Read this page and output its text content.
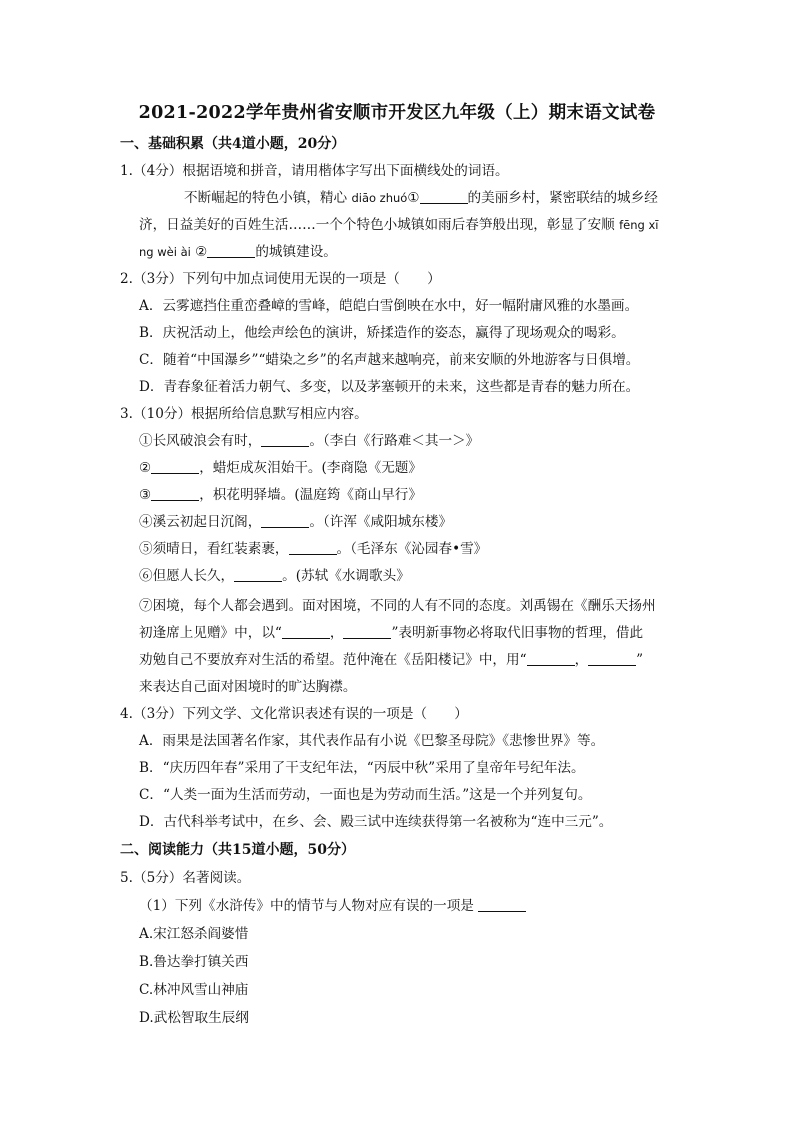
2021-2022学年贵州省安顺市开发区九年级（上）期末语文试卷
一、基础积累（共4道小题，20分）
1.（4分）根据语境和拼音，请用楷体字写出下面横线处的词语。
不断崛起的特色小镇，精心 diāo zhuó①	的美丽乡村，紧密联结的城乡经
济，日益美好的百姓生活……一个个特色小城镇如雨后春笋般出现，彰显了安顺 fēng xī
ng wèi ài ②	的城镇建设。
2.（3分）下列句中加点词使用无误的一项是（　　）
A．云雾遮挡住重峦叠嶂的雪峰，皑皑白雪倒映在水中，好一幅附庸风雅的水墨画。
B．庆祝活动上，他绘声绘色的演讲，矫揉造作的姿态，赢得了现场观众的喝彩。
C．随着“中国瀑乡”“蜡染之乡”的名声越来越响亮，前来安顺的外地游客与日俱增。
D．青春象征着活力朝气、多变，以及茅塞顿开的未来，这些都是青春的魅力所在。
3.（10分）根据所给信息默写相应内容。
①长风破浪会有时，	。（李白《行路难＜其一＞》
②	，蜡炬成灰泪始干。(李商隐《无题》
③	，枳花明驿墙。(温庭筠《商山早行》
④溪云初起日沉阁，	。（许浑《咸阳城东楼》
⑤须晴日，看红装素裹，	。（毛泽东《沁园春•雪》
⑥但愿人长久，	。(苏轼《水调歌头》
⑦困境，每个人都会遇到。面对困境，不同的人有不同的态度。刘禹锡在《酬乐天扬州
初逢席上见赠》中，以“	，	”表明新事物必将取代旧事物的哲理，借此
劝勉自己不要放弃对生活的希望。范仲淹在《岳阳楼记》中，用“	，	”
来表达自己面对困境时的旷达胸襟。
4.（3分）下列文学、文化常识表述有误的一项是（　　）
A．雨果是法国著名作家，其代表作品有小说《巴黎圣母院》《悲惨世界》等。
B．“庆历四年春”采用了干支纪年法，“丙辰中秋”采用了皇帝年号纪年法。
C．“人类一面为生活而劳动，一面也是为劳动而生活。”这是一个并列复句。
D．古代科举考试中，在乡、会、殿三试中连续获得第一名被称为“连中三元”。
二、阅读能力（共15道小题，50分）
5.（5分）名著阅读。
（1）下列《水浒传》中的情节与人物对应有误的一项是
A.宋江怒杀阎婆惜
B.鲁达拳打镇关西
C.林冲风雪山神庙
D.武松智取生辰纲
